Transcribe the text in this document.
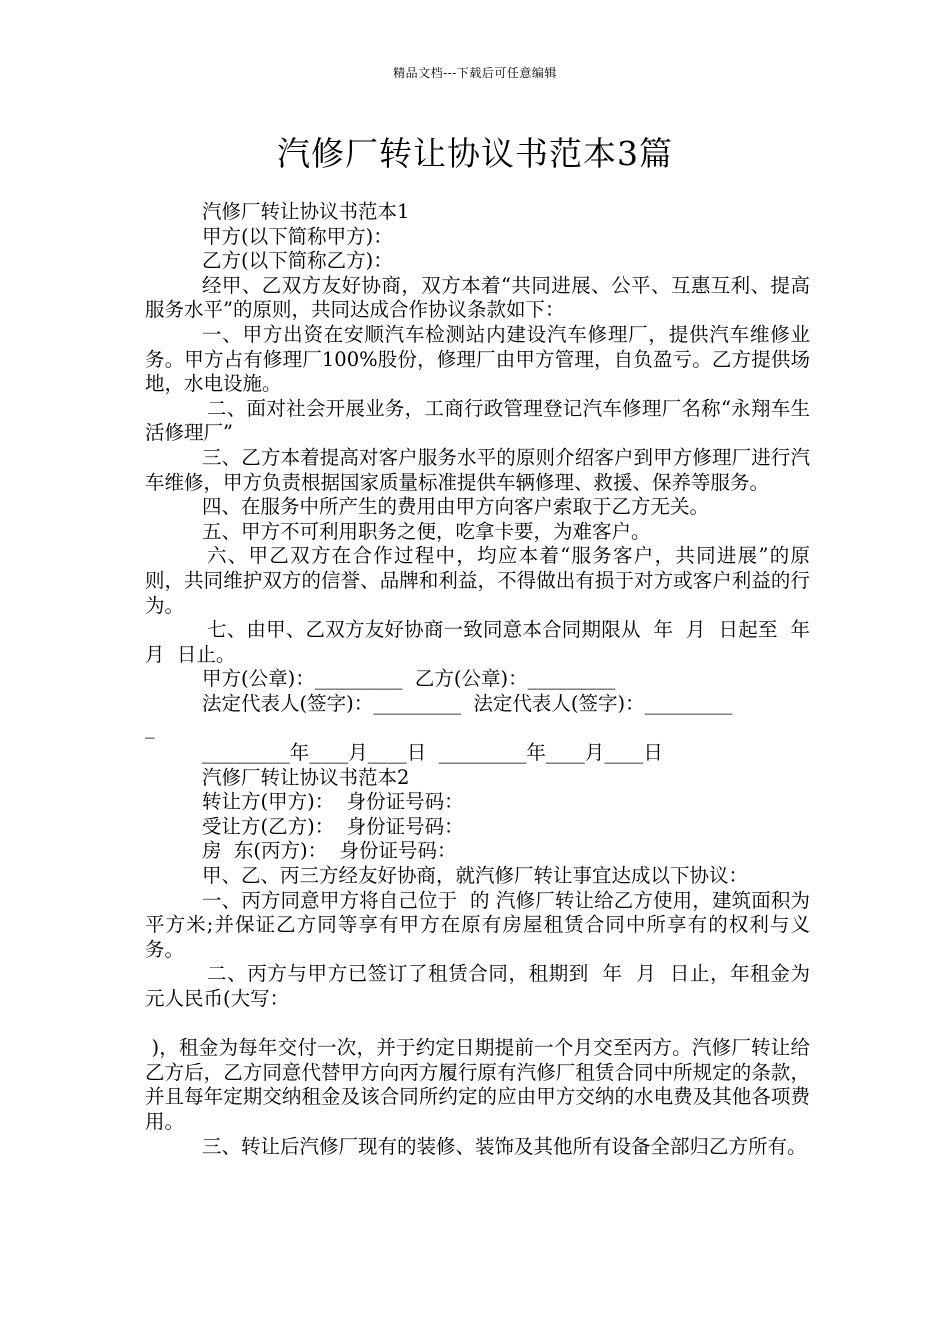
精品文档---下载后可任意编辑
汽修厂转让协议书范本3篇

汽修厂转让协议书范本1

甲方(以下简称甲方)：

乙方(以下简称乙方)：

经甲、乙双方友好协商，双方本着“共同进展、公平、互惠互利、提高服务水平”的原则，共同达成合作协议条款如下：

一、甲方出资在安顺汽车检测站内建设汽车修理厂，提供汽车维修业务。甲方占有修理厂100%股份，修理厂由甲方管理，自负盈亏。乙方提供场地，水电设施。

二、面对社会开展业务，工商行政管理登记汽车修理厂名称“永翔车生活修理厂”

三、乙方本着提高对客户服务水平的原则介绍客户到甲方修理厂进行汽车维修，甲方负责根据国家质量标准提供车辆修理、救援、保养等服务。

四、在服务中所产生的费用由甲方向客户索取于乙方无关。

五、甲方不可利用职务之便，吃拿卡要，为难客户。

六、甲乙双方在合作过程中，均应本着“服务客户，共同进展”的原则，共同维护双方的信誉、品牌和利益，不得做出有损于对方或客户利益的行为。

七、由甲、乙双方友好协商一致同意本合同期限从  年  月  日起至  年  月  日止。

甲方(公章)：_________  乙方(公章)：_________

法定代表人(签字)：_________  法定代表人(签字)：_________

_

_________年____月____日  _________年____月____日

汽修厂转让协议书范本2

转让方(甲方)：  身份证号码：

受让方(乙方)：  身份证号码：

房  东(丙方)：  身份证号码：

甲、乙、丙三方经友好协商，就汽修厂转让事宜达成以下协议：

一、丙方同意甲方将自己位于  的 汽修厂转让给乙方使用，建筑面积为  平方米;并保证乙方同等享有甲方在原有房屋租赁合同中所享有的权利与义务。

二、丙方与甲方已签订了租赁合同，租期到  年  月  日止，年租金为  元人民币(大写：

)，租金为每年交付一次，并于约定日期提前一个月交至丙方。汽修厂转让给乙方后，乙方同意代替甲方向丙方履行原有汽修厂租赁合同中所规定的条款，并且每年定期交纳租金及该合同所约定的应由甲方交纳的水电费及其他各项费用。

三、转让后汽修厂现有的装修、装饰及其他所有设备全部归乙方所有。
